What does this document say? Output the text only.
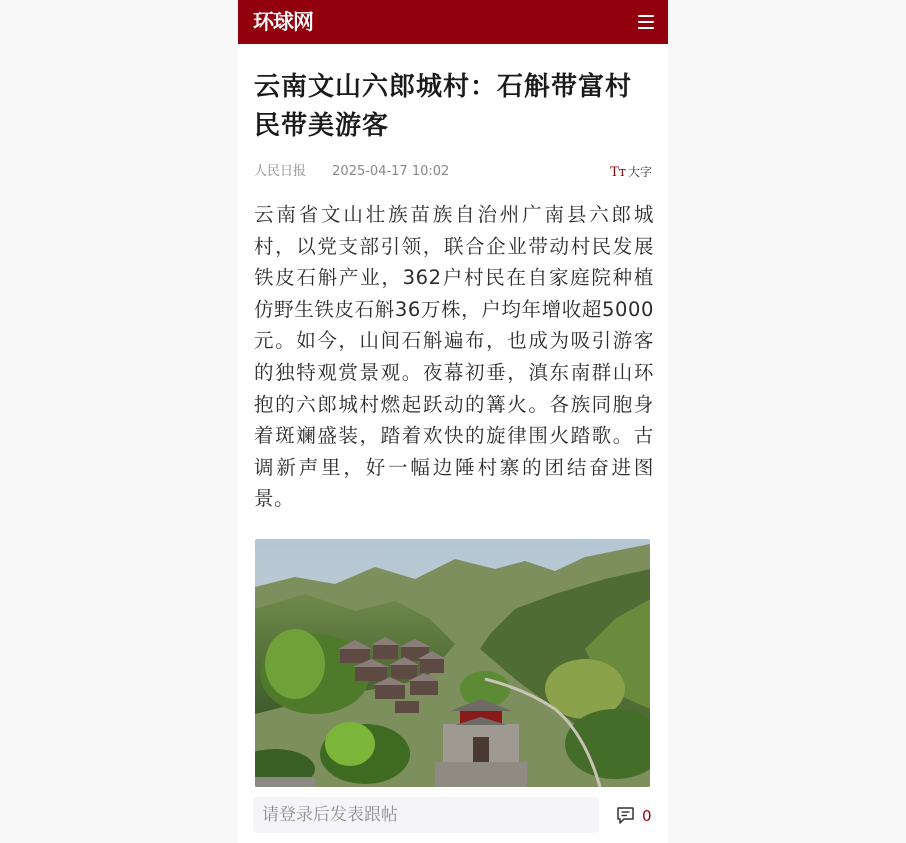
环球网
云南文山六郎城村：石斛带富村民带美游客
人民日报 2025-04-17 10:02	Tт 大字

云南省文山壮族苗族自治州广南县六郎城村，以党支部引领，联合企业带动村民发展铁皮石斛产业，362户村民在自家庭院种植仿野生铁皮石斛36万株，户均年增收超5000元。如今，山间石斛遍布，也成为吸引游客的独特观赏景观。夜幕初垂，滇东南群山环抱的六郎城村燃起跃动的篝火。各族同胞身着斑斓盛装，踏着欢快的旋律围火踏歌。古调新声里，好一幅边陲村寨的团结奋进图景。

请登录后发表跟帖	0
